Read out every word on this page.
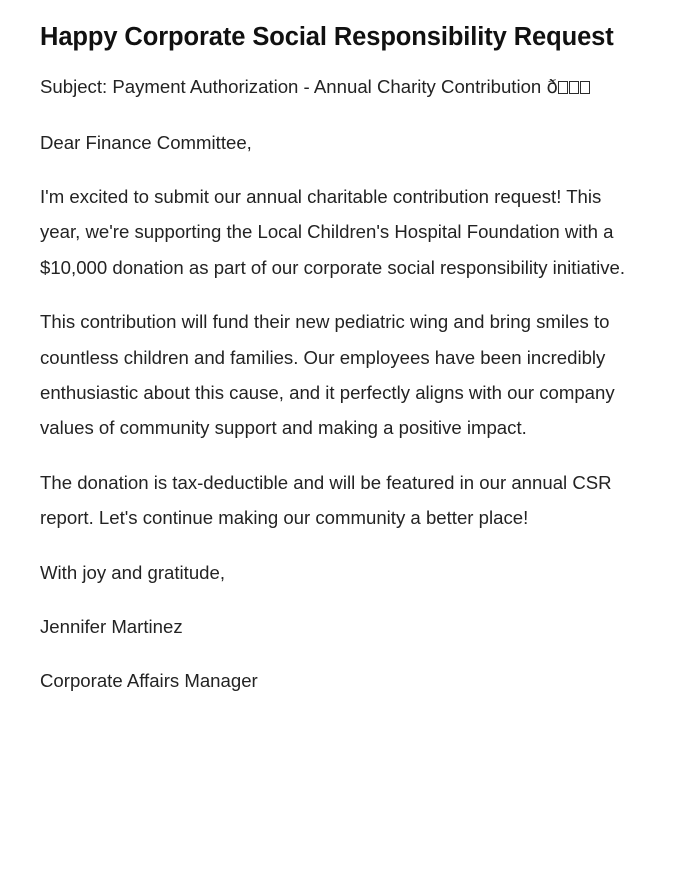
Happy Corporate Social Responsibility Request

Subject: Payment Authorization - Annual Charity Contribution ð

Dear Finance Committee,

I'm excited to submit our annual charitable contribution request! This year, we're supporting the Local Children's Hospital Foundation with a $10,000 donation as part of our corporate social responsibility initiative.

This contribution will fund their new pediatric wing and bring smiles to countless children and families. Our employees have been incredibly enthusiastic about this cause, and it perfectly aligns with our company values of community support and making a positive impact.

The donation is tax-deductible and will be featured in our annual CSR report. Let's continue making our community a better place!

With joy and gratitude,

Jennifer Martinez

Corporate Affairs Manager
